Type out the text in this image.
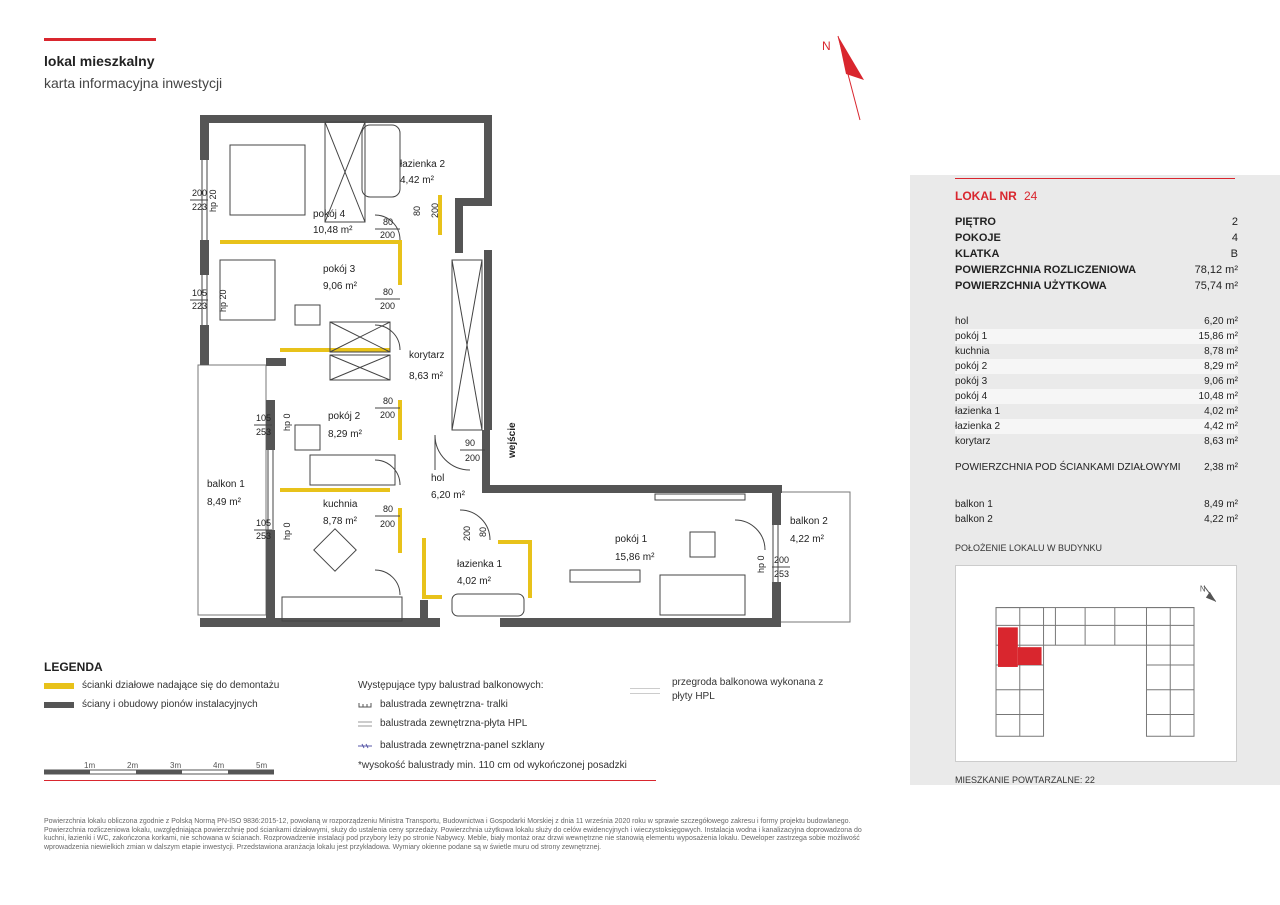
lokal mieszkalny
karta informacyjna inwestycji
N
wejście
łazienka 2
4,42 m²
pokój 4
10,48 m²
pokój 3
9,06 m²
korytarz
8,63 m²
pokój 2
8,29 m²
balkon 1
8,49 m²	kuchnia
8,78 m²
hol
6,20 m²
łazienka 1
4,02 m²
pokój 1
15,86 m²
balkon 2
4,22 m²
80
200
80
200
80
200
90
200
80
200
80 200
80
200
200
223 hp 20
105
223 hp 20
105
253
hp 0
105
253 hp 0
200
253
hp 0
LEGENDA
ścianki działowe nadające się do demontażu
ściany i obudowy pionów instalacyjnych
Występujące typy balustrad balkonowych:
balustrada zewnętrzna- tralki
balustrada zewnętrzna-płyta HPL
balustrada zewnętrzna-panel szklany
*wysokość balustrady min. 110 cm od wykończonej posadzki
przegroda balkonowa wykonana z płyty HPL
1m	2m	3m	4m	5m
Powierzchnia lokalu obliczona zgodnie z Polską Normą PN-ISO 9836:2015-12, powołaną w rozporządzeniu Ministra Transportu, Budownictwa i Gospodarki Morskiej z dnia 11 września 2020 roku w sprawie szczegółowego zakresu i formy projektu budowlanego. Powierzchnia rozliczeniowa lokalu, uwzględniająca powierzchnię pod ściankami działowymi, służy do ustalenia ceny sprzedaży. Powierzchnia użytkowa lokalu służy do celów ewidencyjnych i wieczystoksięgowych. Instalacja wodna i kanalizacyjna doprowadzona do kuchni, łazienki i WC, zakończona korkami, nie schowana w ścianach. Rozprowadzenie instalacji pod przybory leży po stronie Nabywcy. Meble, biały montaż oraz drzwi wewnętrzne nie stanowią elementu wyposażenia lokalu. Deweloper zastrzega sobie możliwość wprowadzenia niewielkich zmian w dalszym etapie inwestycji. Przedstawiona aranżacja lokalu jest przykładowa. Wymiary okienne podane są w świetle muru od strony zewnętrznej.
LOKAL NR 24
PIĘTRO	2
POKOJE	4
KLATKA	B
POWIERZCHNIA ROZLICZENIOWA	78,12 m²
POWIERZCHNIA UŻYTKOWA	75,74 m²
hol	6,20 m²
pokój 1	15,86 m²
kuchnia	8,78 m²
pokój 2	8,29 m²
pokój 3	9,06 m²
pokój 4	10,48 m²
łazienka 1	4,02 m²
łazienka 2	4,42 m²
korytarz	8,63 m²
POWIERZCHNIA POD ŚCIANKAMI DZIAŁOWYMI 2,38 m²
balkon 1	8,49 m²
balkon 2	4,22 m²
POŁOŻENIE LOKALU W BUDYNKU
N
MIESZKANIE POWTARZALNE: 22
